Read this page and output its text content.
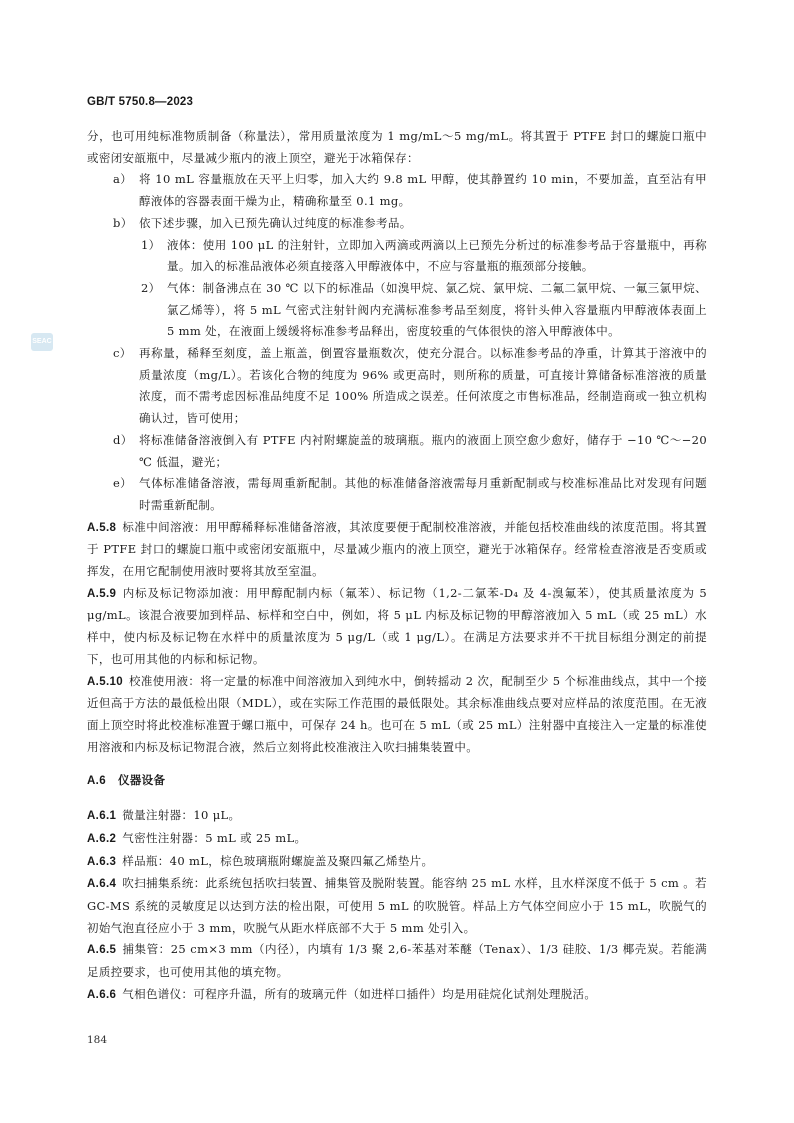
GB/T 5750.8—2023
SEAC

分，也可用纯标准物质制备（称量法），常用质量浓度为 1 mg/mL～5 mg/mL。将其置于 PTFE 封口的螺旋口瓶中或密闭安瓿瓶中，尽量减少瓶内的液上顶空，避光于冰箱保存：

a） 将 10 mL 容量瓶放在天平上归零，加入大约 9.8 mL 甲醇，使其静置约 10 min，不要加盖，直至沾有甲醇液体的容器表面干燥为止，精确称量至 0.1 mg。

b） 依下述步骤，加入已预先确认过纯度的标准参考品。

1） 液体：使用 100 μL 的注射针，立即加入两滴或两滴以上已预先分析过的标准参考品于容量瓶中，再称量。加入的标准品液体必须直接落入甲醇液体中，不应与容量瓶的瓶颈部分接触。

2） 气体：制备沸点在 30 ℃ 以下的标准品（如溴甲烷、氯乙烷、氯甲烷、二氟二氯甲烷、一氟三氯甲烷、氯乙烯等），将 5 mL 气密式注射针阀内充满标准参考品至刻度，将针头伸入容量瓶内甲醇液体表面上 5 mm 处，在液面上缓缓将标准参考品释出，密度较重的气体很快的溶入甲醇液体中。

c） 再称量，稀释至刻度，盖上瓶盖，倒置容量瓶数次，使充分混合。以标准参考品的净重，计算其于溶液中的质量浓度（mg/L）。若该化合物的纯度为 96% 或更高时，则所称的质量，可直接计算储备标准溶液的质量浓度，而不需考虑因标准品纯度不足 100% 所造成之误差。任何浓度之市售标准品，经制造商或一独立机构确认过，皆可使用；

d） 将标准储备溶液倒入有 PTFE 内衬附螺旋盖的玻璃瓶。瓶内的液面上顶空愈少愈好，储存于 −10 ℃～−20 ℃ 低温，避光；

e） 气体标准储备溶液，需每周重新配制。其他的标准储备溶液需每月重新配制或与校准标准品比对发现有问题时需重新配制。

A.5.8 标准中间溶液：用甲醇稀释标准储备溶液，其浓度要便于配制校准溶液，并能包括校准曲线的浓度范围。将其置于 PTFE 封口的螺旋口瓶中或密闭安瓿瓶中，尽量减少瓶内的液上顶空，避光于冰箱保存。经常检查溶液是否变质或挥发，在用它配制使用液时要将其放至室温。

A.5.9 内标及标记物添加液：用甲醇配制内标（氟苯）、标记物（1,2-二氯苯-D₄ 及 4-溴氟苯），使其质量浓度为 5 μg/mL。该混合液要加到样品、标样和空白中，例如，将 5 μL 内标及标记物的甲醇溶液加入 5 mL（或 25 mL）水样中，使内标及标记物在水样中的质量浓度为 5 μg/L（或 1 μg/L）。在满足方法要求并不干扰目标组分测定的前提下，也可用其他的内标和标记物。

A.5.10 校准使用液：将一定量的标准中间溶液加入到纯水中，倒转摇动 2 次，配制至少 5 个标准曲线点，其中一个接近但高于方法的最低检出限（MDL），或在实际工作范围的最低限处。其余标准曲线点要对应样品的浓度范围。在无液面上顶空时将此校准标准置于螺口瓶中，可保存 24 h。也可在 5 mL（或 25 mL）注射器中直接注入一定量的标准使用溶液和内标及标记物混合液，然后立刻将此校准液注入吹扫捕集装置中。

A.6 仪器设备

A.6.1 微量注射器：10 μL。

A.6.2 气密性注射器：5 mL 或 25 mL。

A.6.3 样品瓶：40 mL，棕色玻璃瓶附螺旋盖及聚四氟乙烯垫片。

A.6.4 吹扫捕集系统：此系统包括吹扫装置、捕集管及脱附装置。能容纳 25 mL 水样，且水样深度不低于 5 cm 。若 GC-MS 系统的灵敏度足以达到方法的检出限，可使用 5 mL 的吹脱管。样品上方气体空间应小于 15 mL，吹脱气的初始气泡直径应小于 3 mm，吹脱气从距水样底部不大于 5 mm 处引入。

A.6.5 捕集管：25 cm×3 mm（内径），内填有 1/3 聚 2,6-苯基对苯醚（Tenax）、1/3 硅胶、1/3 椰壳炭。若能满足质控要求，也可使用其他的填充物。

A.6.6 气相色谱仪：可程序升温，所有的玻璃元件（如进样口插件）均是用硅烷化试剂处理脱活。

184
